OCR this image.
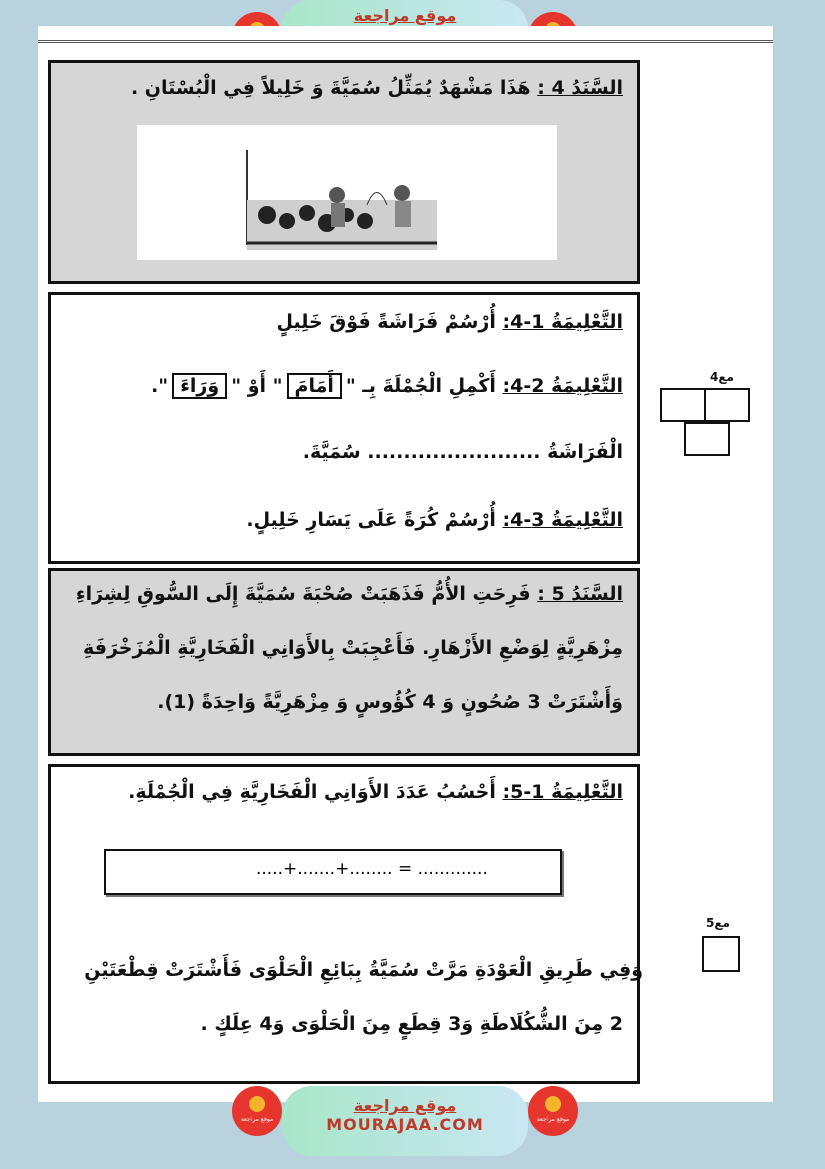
موقع مراجعة
السَّنَدُ 4 : هَذَا مَشْهَدٌ يُمَثِّلُ سُمَيَّةَ وَ خَلِيلاً فِي الْبُسْتَانِ .
التَّعْلِيمَةُ 1-4: أُرْسُمْ فَرَاشَةً فَوْقَ خَلِيلٍ
التَّعْلِيمَةُ 2-4: أَكْمِلِ الْجُمْلَةَ بِـ "أَمَامَ" أَوْ "وَرَاءَ".
الْفَرَاشَةُ ........................ سُمَيَّةَ.
التَّعْلِيمَةُ 3-4: أُرْسُمْ كُرَةً عَلَى يَسَارِ خَلِيلٍ.
السَّنَدُ 5 : فَرِحَتِ الأُمُّ فَذَهَبَتْ صُحْبَةَ سُمَيَّةَ إِلَى السُّوقِ لِشِرَاءِ
مِزْهَرِيَّةٍ لِوَضْعِ الأَزْهَارِ. فَأَعْجِبَتْ بِالأَوَانِي الْفَخَارِيَّةِ الْمُزَخْرَفَةِ
وَأَشْتَرَتْ 3 صُحُونٍ وَ 4 كُؤُوسٍ وَ مِزْهَرِيَّةً وَاحِدَةً (1).
التَّعْلِيمَةُ 1-5: أَحْسُبُ عَدَدَ الأَوَانِي الْفَخَارِيَّةِ فِي الْجُمْلَةِ.
وَفِي طَرِيقِ الْعَوْدَةِ مَرَّتْ سُمَيَّةُ بِبَائِعِ الْحَلْوَى فَأَشْتَرَتْ قِطْعَتَيْنِ
2 مِنَ الشُّكُلَاطَةِ وَ3 قِطَعٍ مِنَ الْحَلْوَى وَ4 عِلَكٍ .
.....+.......+........ = .............
مع4
مع5
موقع مراجعة
موقع مراجعة
MOURAJAA.COM	موقع مراجعة
